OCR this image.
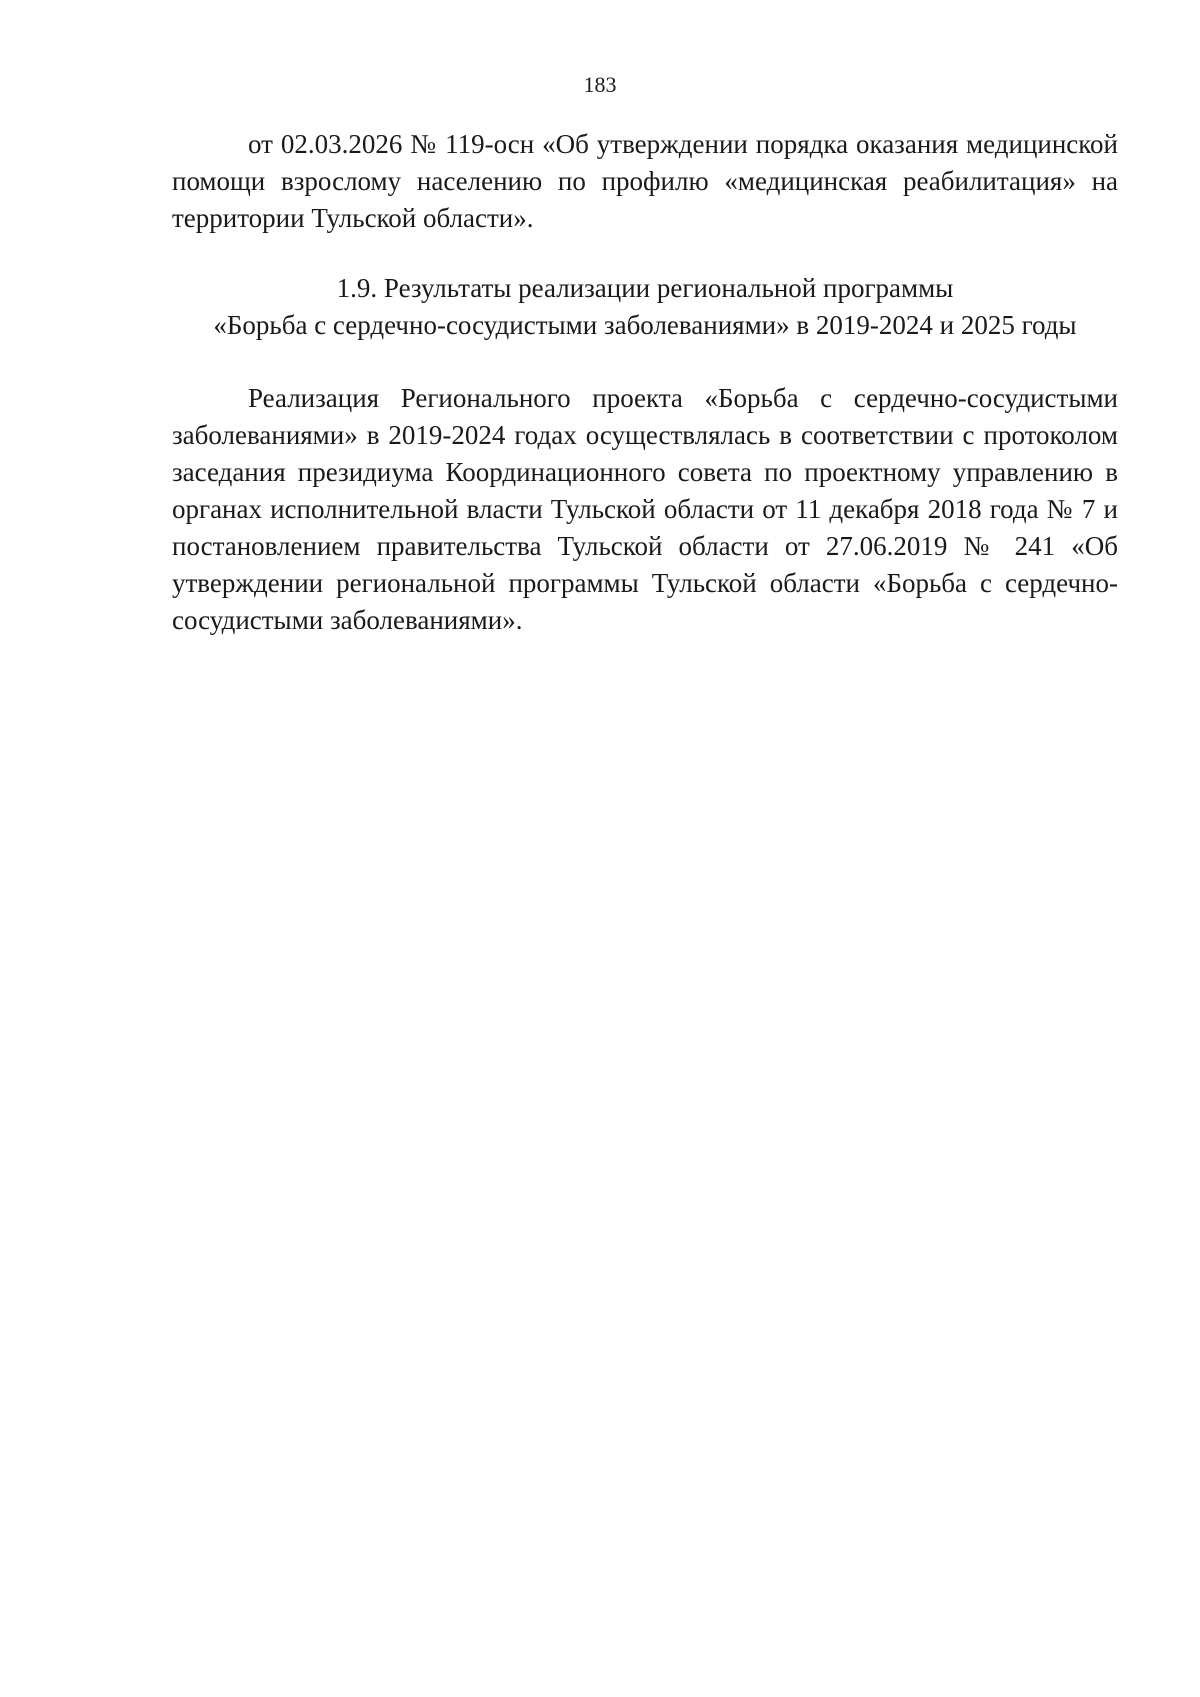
183

от 02.03.2026 № 119-осн «Об утверждении порядка оказания медицинской помощи взрослому населению по профилю «медицинская реабилитация» на территории Тульской области».

1.9. Результаты реализации региональной программы
«Борьба с сердечно-сосудистыми заболеваниями» в 2019-2024 и 2025 годы

Реализация Регионального проекта «Борьба с сердечно-сосудистыми заболеваниями» в 2019-2024 годах осуществлялась в соответствии с протоколом заседания президиума Координационного совета по проектному управлению в органах исполнительной власти Тульской области от 11 декабря 2018 года № 7 и постановлением правительства Тульской области от 27.06.2019 № 241 «Об утверждении региональной программы Тульской области «Борьба с сердечно-сосудистыми заболеваниями».
